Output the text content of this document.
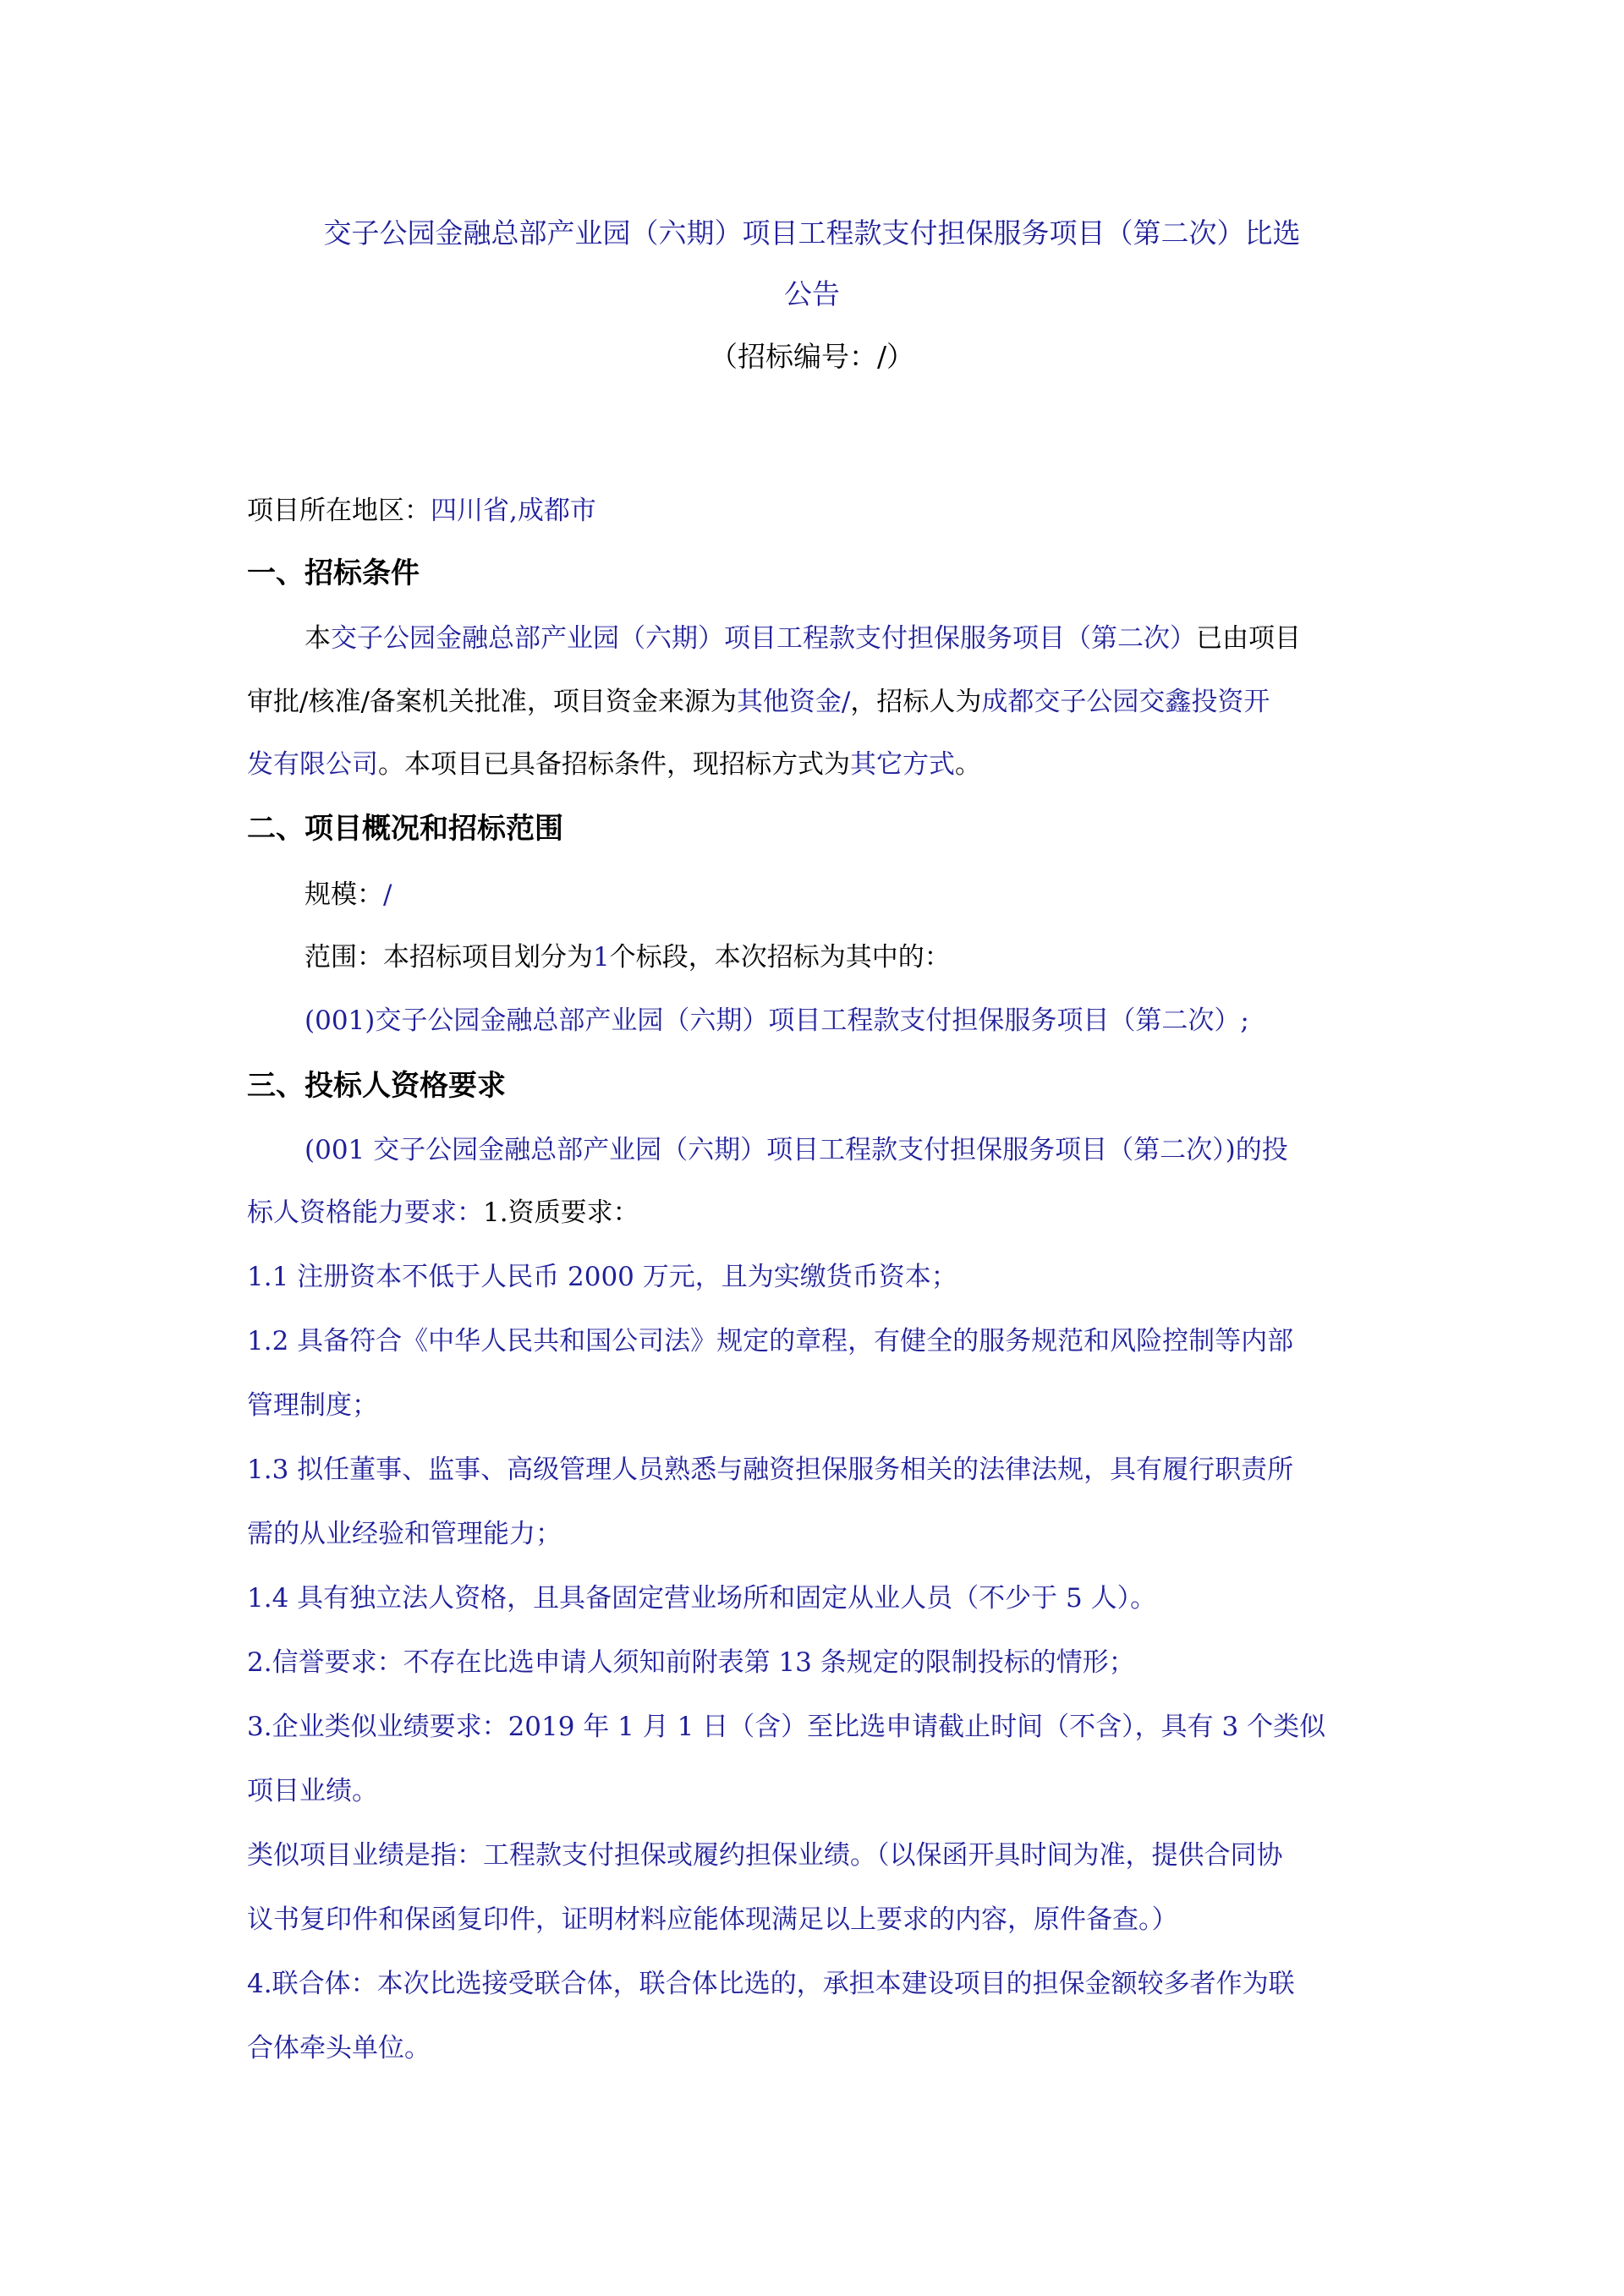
交子公园金融总部产业园（六期）项目工程款支付担保服务项目（第二次）比选
公告
（招标编号：/）
项目所在地区：四川省,成都市
一、招标条件
本交子公园金融总部产业园（六期）项目工程款支付担保服务项目（第二次）已由项目
审批/核准/备案机关批准，项目资金来源为其他资金/，招标人为成都交子公园交鑫投资开
发有限公司。本项目已具备招标条件，现招标方式为其它方式。
二、项目概况和招标范围
规模：/
范围：本招标项目划分为1个标段，本次招标为其中的：
(001)交子公园金融总部产业园（六期）项目工程款支付担保服务项目（第二次）;
三、投标人资格要求
(001 交子公园金融总部产业园（六期）项目工程款支付担保服务项目（第二次）)的投
标人资格能力要求：1.资质要求：
1.1 注册资本不低于人民币 2000 万元，且为实缴货币资本；
1.2 具备符合《中华人民共和国公司法》规定的章程，有健全的服务规范和风险控制等内部
管理制度；
1.3 拟任董事、监事、高级管理人员熟悉与融资担保服务相关的法律法规，具有履行职责所
需的从业经验和管理能力；
1.4 具有独立法人资格，且具备固定营业场所和固定从业人员（不少于 5 人）。
2.信誉要求：不存在比选申请人须知前附表第 13 条规定的限制投标的情形；
3.企业类似业绩要求：2019 年 1 月 1 日（含）至比选申请截止时间（不含），具有 3 个类似
项目业绩。
类似项目业绩是指：工程款支付担保或履约担保业绩。（以保函开具时间为准，提供合同协
议书复印件和保函复印件，证明材料应能体现满足以上要求的内容，原件备查。）
4.联合体：本次比选接受联合体，联合体比选的，承担本建设项目的担保金额较多者作为联
合体牵头单位。
